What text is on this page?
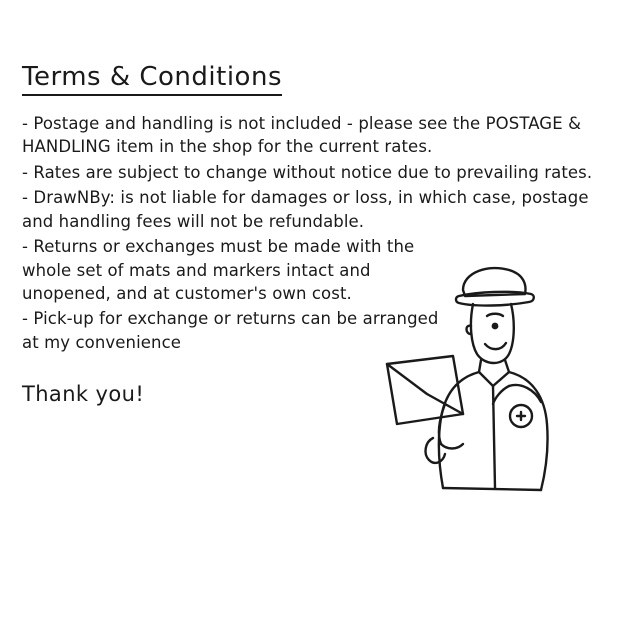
Terms & Conditions
- Postage and handling is not included - please see the POSTAGE & HANDLING item in the shop for the current rates.
- Rates are subject to change without notice due to prevailing rates.
- DrawNBy: is not liable for damages or loss, in which case, postage and handling fees will not be refundable.
- Returns or exchanges must be made with the whole set of mats and markers intact and unopened, and at customer's own cost.
- Pick-up for exchange or returns can be arranged at my convenience
Thank you!
